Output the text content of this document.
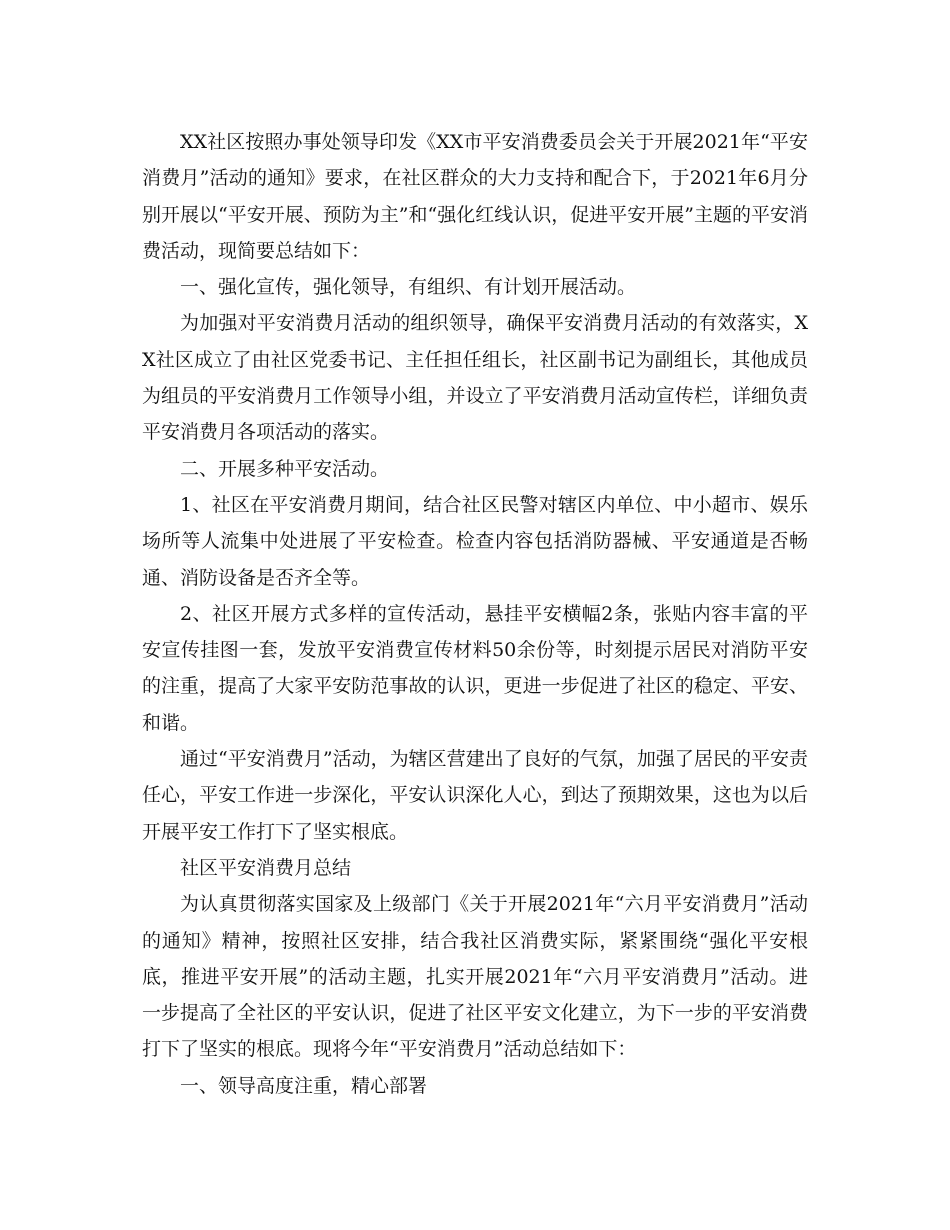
XX社区按照办事处领导印发《XX市平安消费委员会关于开展2021年“平安消费月”活动的通知》要求，在社区群众的大力支持和配合下，于2021年6月分别开展以“平安开展、预防为主”和“强化红线认识，促进平安开展”主题的平安消费活动，现简要总结如下：

一、强化宣传，强化领导，有组织、有计划开展活动。

为加强对平安消费月活动的组织领导，确保平安消费月活动的有效落实，XX社区成立了由社区党委书记、主任担任组长，社区副书记为副组长，其他成员为组员的平安消费月工作领导小组，并设立了平安消费月活动宣传栏，详细负责平安消费月各项活动的落实。

二、开展多种平安活动。

1、社区在平安消费月期间，结合社区民警对辖区内单位、中小超市、娱乐场所等人流集中处进展了平安检查。检查内容包括消防器械、平安通道是否畅通、消防设备是否齐全等。

2、社区开展方式多样的宣传活动，悬挂平安横幅2条，张贴内容丰富的平安宣传挂图一套，发放平安消费宣传材料50余份等，时刻提示居民对消防平安的注重，提高了大家平安防范事故的认识，更进一步促进了社区的稳定、平安、和谐。

通过“平安消费月”活动，为辖区营建出了良好的气氛，加强了居民的平安责任心，平安工作进一步深化，平安认识深化人心，到达了预期效果，这也为以后开展平安工作打下了坚实根底。

社区平安消费月总结

为认真贯彻落实国家及上级部门《关于开展2021年“六月平安消费月”活动的通知》精神，按照社区安排，结合我社区消费实际，紧紧围绕“强化平安根底，推进平安开展”的活动主题，扎实开展2021年“六月平安消费月”活动。进一步提高了全社区的平安认识，促进了社区平安文化建立，为下一步的平安消费打下了坚实的根底。现将今年“平安消费月”活动总结如下：

一、领导高度注重，精心部署
